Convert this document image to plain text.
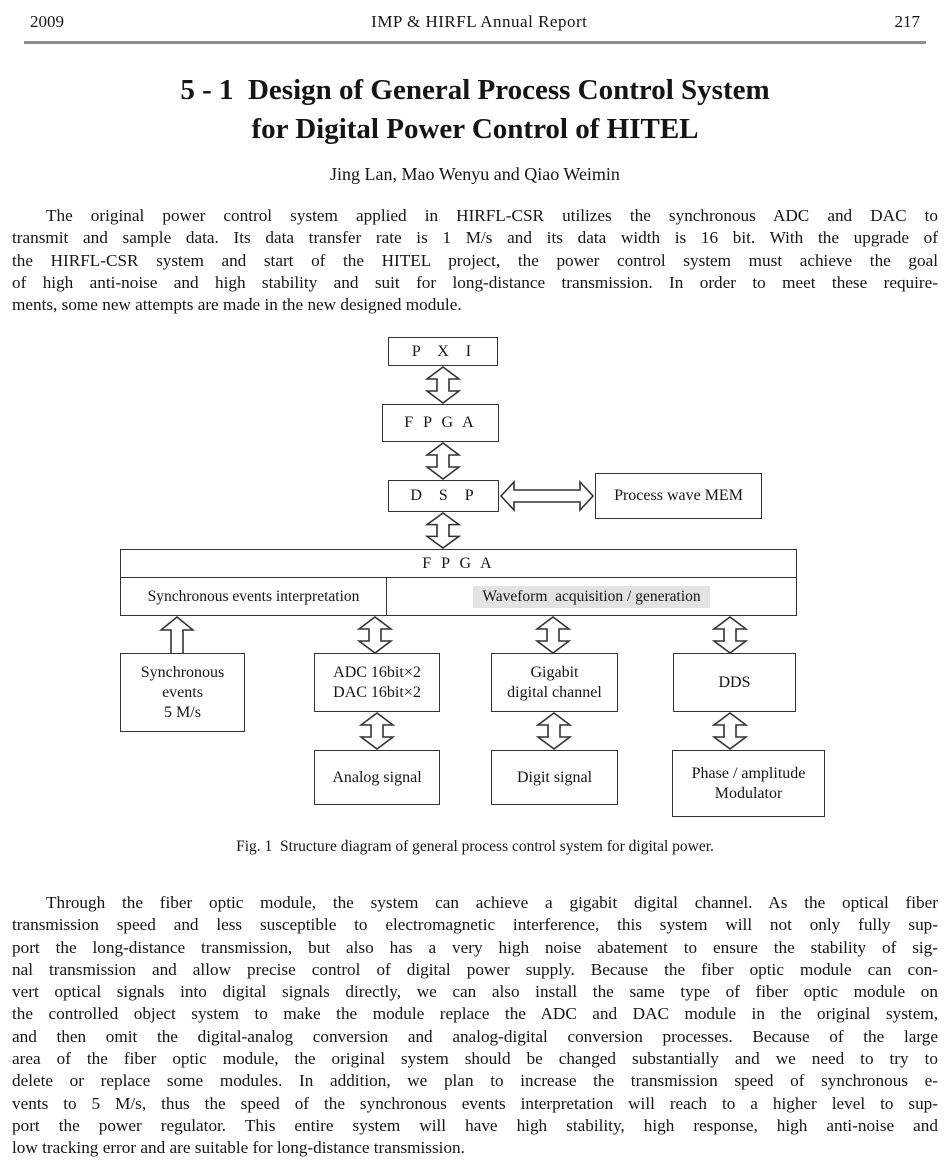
2009	IMP & HIRFL Annual Report	217
5 - 1  Design of General Process Control System
for Digital Power Control of HITEL
Jing Lan, Mao Wenyu and Qiao Weimin
The original power control system applied in HIRFL-CSR utilizes the synchronous ADC and DAC to
transmit and sample data. Its data transfer rate is 1 M/s and its data width is 16 bit. With the upgrade of
the HIRFL-CSR system and start of the HITEL project, the power control system must achieve the goal
of high anti-noise and high stability and suit for long-distance transmission. In order to meet these require-
ments, some new attempts are made in the new designed module.
P  X  I
F P G A
D  S  P	Process wave MEM
F P G A
Synchronous events interpretation	Waveform  acquisition / generation
Synchronous
events
5 M/s
ADC 16bit×2
DAC 16bit×2
Gigabit
digital channel
DDS
Analog signal	Digit signal	Phase / amplitude
Modulator
Fig. 1  Structure diagram of general process control system for digital power.
Through the fiber optic module, the system can achieve a gigabit digital channel. As the optical fiber
transmission speed and less susceptible to electromagnetic interference, this system will not only fully sup-
port the long-distance transmission, but also has a very high noise abatement to ensure the stability of sig-
nal transmission and allow precise control of digital power supply. Because the fiber optic module can con-
vert optical signals into digital signals directly, we can also install the same type of fiber optic module on
the controlled object system to make the module replace the ADC and DAC module in the original system,
and then omit the digital-analog conversion and analog-digital conversion processes. Because of the large
area of the fiber optic module, the original system should be changed substantially and we need to try to
delete or replace some modules. In addition, we plan to increase the transmission speed of synchronous e-
vents to 5 M/s, thus the speed of the synchronous events interpretation will reach to a higher level to sup-
port the power regulator. This entire system will have high stability, high response, high anti-noise and
low tracking error and are suitable for long-distance transmission.
